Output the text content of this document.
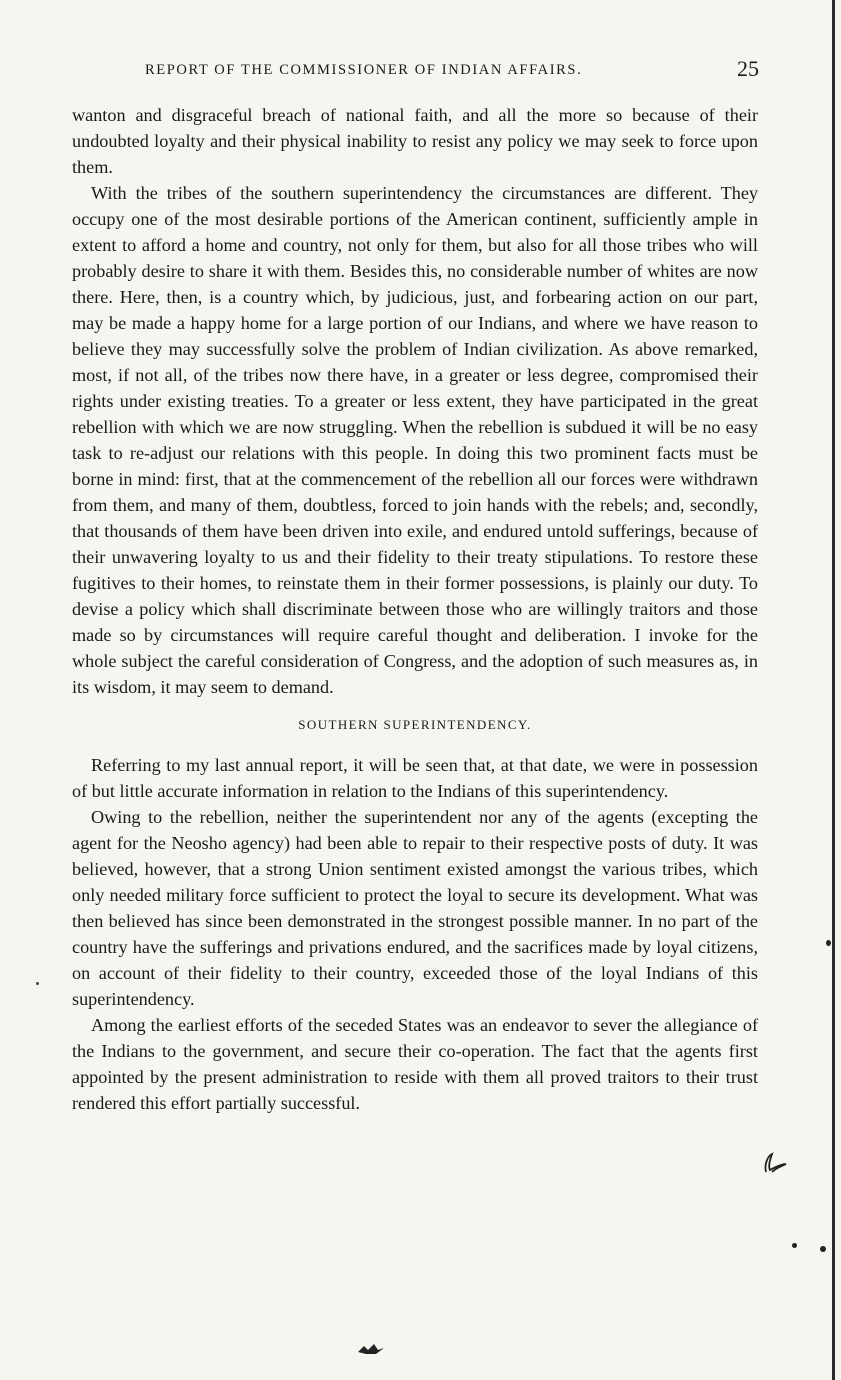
REPORT OF THE COMMISSIONER OF INDIAN AFFAIRS.	25

wanton and disgraceful breach of national faith, and all the more so because of their undoubted loyalty and their physical inability to resist any policy we may seek to force upon them.

With the tribes of the southern superintendency the circumstances are different. They occupy one of the most desirable portions of the American continent, sufficiently ample in extent to afford a home and country, not only for them, but also for all those tribes who will probably desire to share it with them. Besides this, no considerable number of whites are now there. Here, then, is a country which, by judicious, just, and forbearing action on our part, may be made a happy home for a large portion of our Indians, and where we have reason to believe they may successfully solve the problem of Indian civilization. As above remarked, most, if not all, of the tribes now there have, in a greater or less degree, compromised their rights under existing treaties. To a greater or less extent, they have participated in the great rebellion with which we are now struggling. When the rebellion is subdued it will be no easy task to re-adjust our relations with this people. In doing this two prominent facts must be borne in mind: first, that at the commencement of the rebellion all our forces were withdrawn from them, and many of them, doubtless, forced to join hands with the rebels; and, secondly, that thousands of them have been driven into exile, and endured untold sufferings, because of their unwavering loyalty to us and their fidelity to their treaty stipulations. To restore these fugitives to their homes, to reinstate them in their former possessions, is plainly our duty. To devise a policy which shall discriminate between those who are willingly traitors and those made so by circumstances will require careful thought and deliberation. I invoke for the whole subject the careful consideration of Congress, and the adoption of such measures as, in its wisdom, it may seem to demand.

SOUTHERN SUPERINTENDENCY.

Referring to my last annual report, it will be seen that, at that date, we were in possession of but little accurate information in relation to the Indians of this superintendency.

Owing to the rebellion, neither the superintendent nor any of the agents (excepting the agent for the Neosho agency) had been able to repair to their respective posts of duty. It was believed, however, that a strong Union sentiment existed amongst the various tribes, which only needed military force sufficient to protect the loyal to secure its development. What was then believed has since been demonstrated in the strongest possible manner. In no part of the country have the sufferings and privations endured, and the sacrifices made by loyal citizens, on account of their fidelity to their country, exceeded those of the loyal Indians of this superintendency.

Among the earliest efforts of the seceded States was an endeavor to sever the allegiance of the Indians to the government, and secure their co-operation. The fact that the agents first appointed by the present administration to reside with them all proved traitors to their trust rendered this effort partially successful.
